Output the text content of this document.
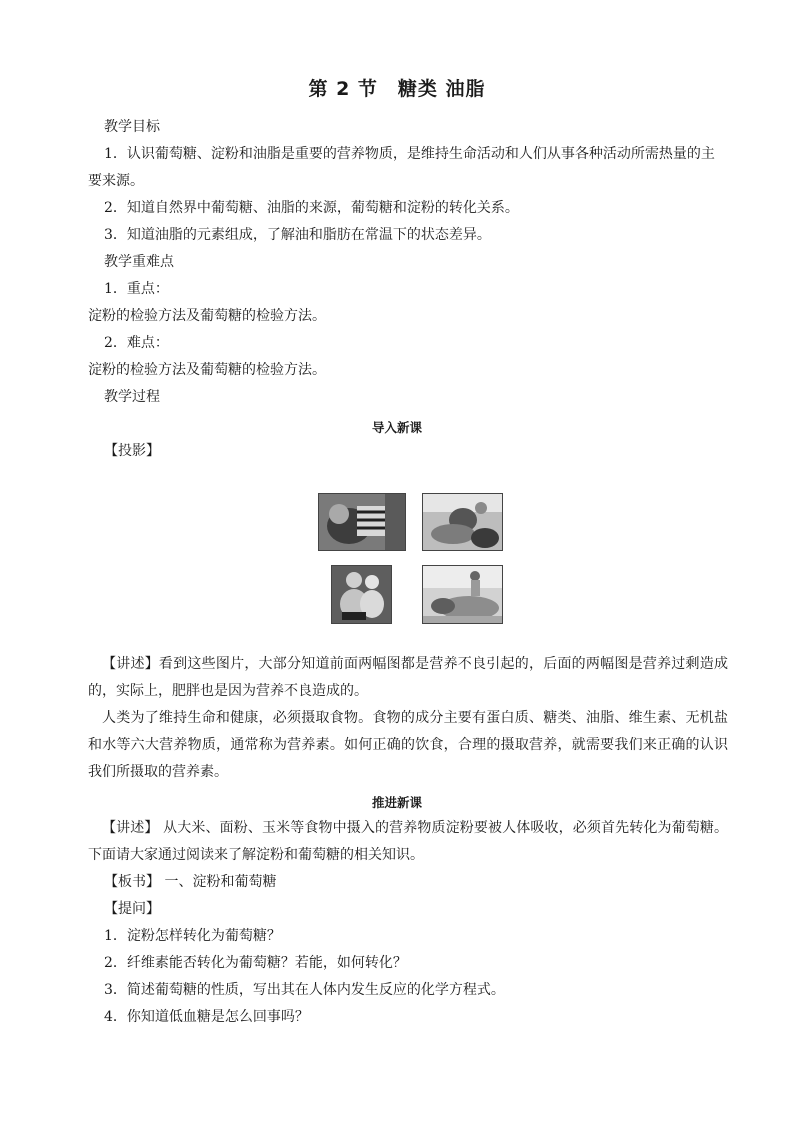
第 2 节　糖类 油脂
教学目标
1．认识葡萄糖、淀粉和油脂是重要的营养物质，是维持生命活动和人们从事各种活动所需热量的主
要来源。
2．知道自然界中葡萄糖、油脂的来源，葡萄糖和淀粉的转化关系。
3．知道油脂的元素组成，了解油和脂肪在常温下的状态差异。
教学重难点
1．重点：
淀粉的检验方法及葡萄糖的检验方法。
2．难点：
淀粉的检验方法及葡萄糖的检验方法。
教学过程
导入新课
【投影】
【讲述】看到这些图片，大部分知道前面两幅图都是营养不良引起的，后面的两幅图是营养过剩造成的，实际上，肥胖也是因为营养不良造成的。
人类为了维持生命和健康，必须摄取食物。食物的成分主要有蛋白质、糖类、油脂、维生素、无机盐和水等六大营养物质，通常称为营养素。如何正确的饮食，合理的摄取营养，就需要我们来正确的认识我们所摄取的营养素。
推进新课
【讲述】 从大米、面粉、玉米等食物中摄入的营养物质淀粉要被人体吸收，必须首先转化为葡萄糖。下面请大家通过阅读来了解淀粉和葡萄糖的相关知识。
【板书】 一、淀粉和葡萄糖
【提问】
1．淀粉怎样转化为葡萄糖？
2．纤维素能否转化为葡萄糖？若能，如何转化？
3．简述葡萄糖的性质，写出其在人体内发生反应的化学方程式。
4．你知道低血糖是怎么回事吗？
